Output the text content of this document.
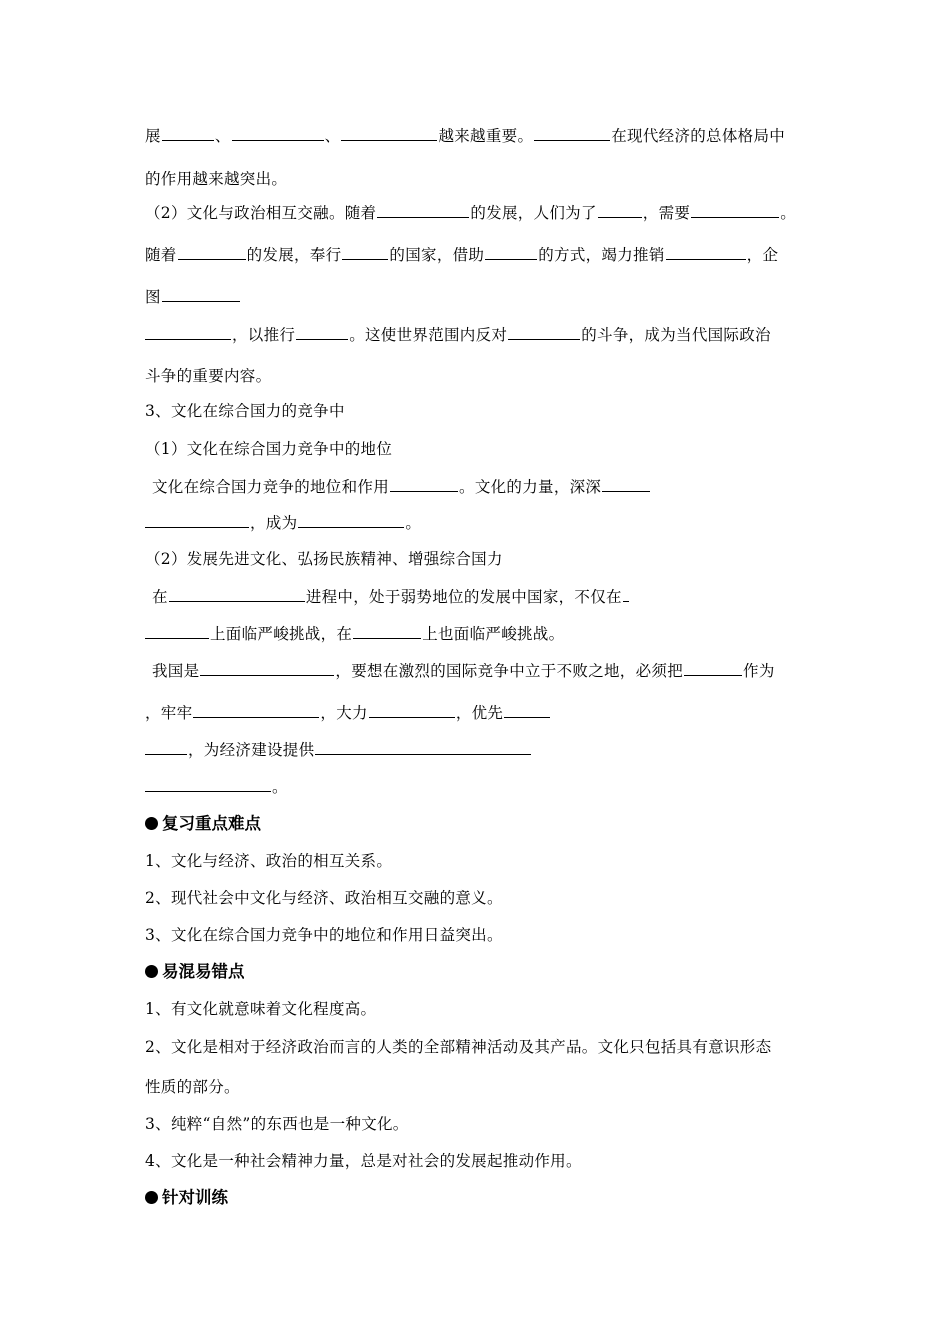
展	、	、	越来越重要。	在现代经济的总体格局中
的作用越来越突出。
（2）文化与政治相互交融。随着	的发展，人们为了	，需要	。
随着	的发展，奉行	的国家，借助	的方式，竭力推销	，企
图
，以推行	。这使世界范围内反对	的斗争，成为当代国际政治
斗争的重要内容。
3、文化在综合国力的竞争中
（1）文化在综合国力竞争中的地位
文化在综合国力竞争的地位和作用	。文化的力量，深深
，成为	。
（2）发展先进文化、弘扬民族精神、增强综合国力
在	进程中，处于弱势地位的发展中国家，不仅在
上面临严峻挑战，在	上也面临严峻挑战。
我国是	，要想在激烈的国际竞争中立于不败之地，必须把	作为
，牢牢	，大力	，优先
，为经济建设提供
。
复习重点难点
1、文化与经济、政治的相互关系。
2、现代社会中文化与经济、政治相互交融的意义。
3、文化在综合国力竞争中的地位和作用日益突出。
易混易错点
1、有文化就意味着文化程度高。
2、文化是相对于经济政治而言的人类的全部精神活动及其产品。文化只包括具有意识形态
性质的部分。
3、纯粹“自然”的东西也是一种文化。
4、文化是一种社会精神力量，总是对社会的发展起推动作用。
针对训练
